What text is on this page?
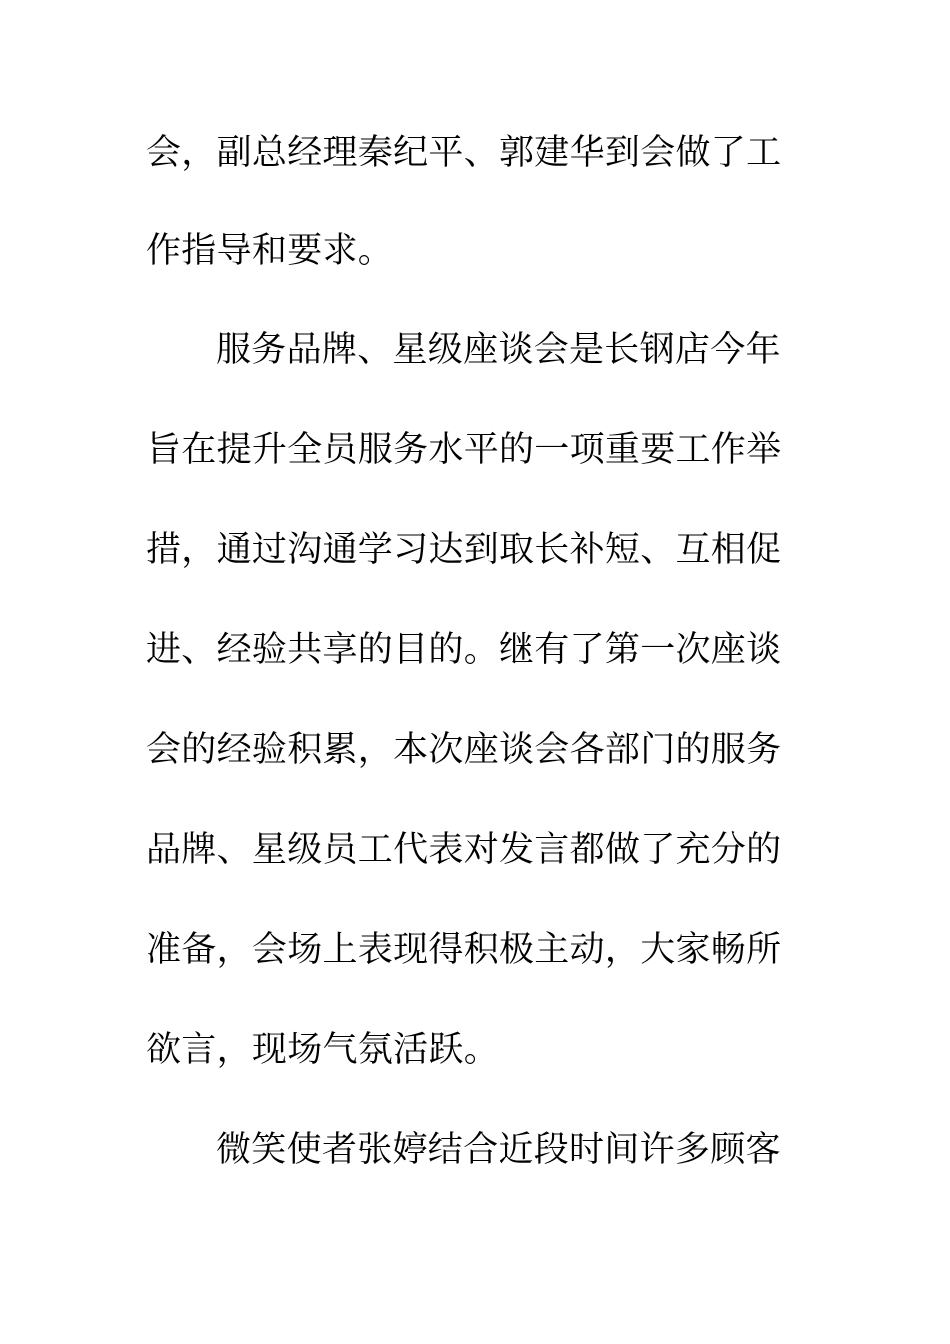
会，副总经理秦纪平、郭建华到会做了工
作指导和要求。
服务品牌、星级座谈会是长钢店今年
旨在提升全员服务水平的一项重要工作举
措，通过沟通学习达到取长补短、互相促
进、经验共享的目的。继有了第一次座谈
会的经验积累，本次座谈会各部门的服务
品牌、星级员工代表对发言都做了充分的
准备，会场上表现得积极主动，大家畅所
欲言，现场气氛活跃。
微笑使者张婷结合近段时间许多顾客
